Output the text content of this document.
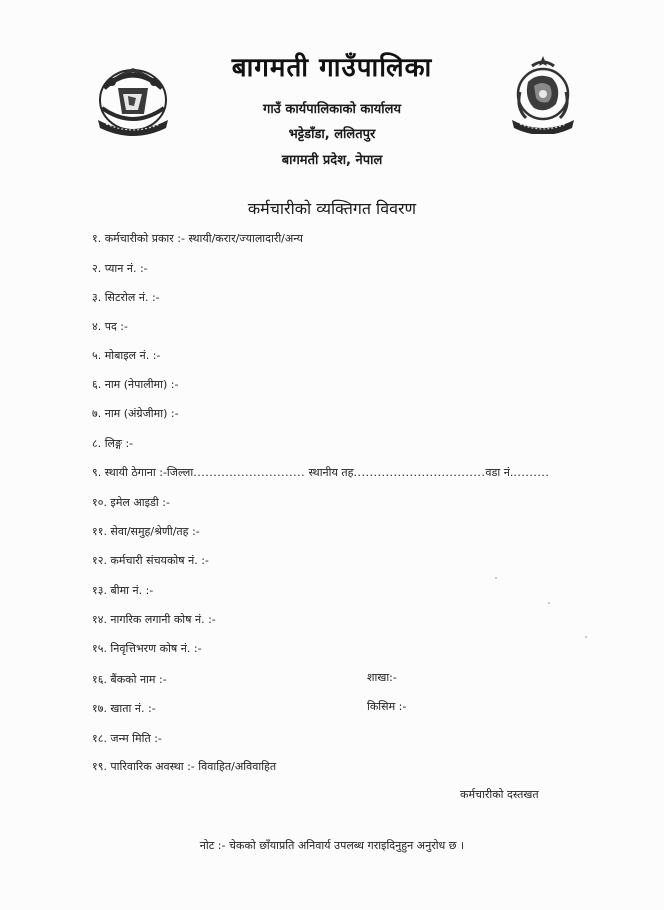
बागमती गाउँपालिका
गाउँ कार्यपालिकाको कार्यालय
भट्टेडाँडा, ललितपुर
बागमती प्रदेश, नेपाल
कर्मचारीको व्यक्तिगत विवरण
१. कर्मचारीको प्रकार :- स्थायी/करार/ज्यालादारी/अन्य
२. प्यान नं. :-
३. सिटरोल नं. :-
४. पद :-
५. मोबाइल नं. :-
६. नाम (नेपालीमा) :-
७. नाम (अंग्रेजीमा) :-
८. लिङ्ग :-
९. स्थायी ठेगाना :-जिल्ला............................ स्थानीय तह.................................वडा नं..........
१०. इमेल आइडी :-
११. सेवा/समुह/श्रेणी/तह :-
१२. कर्मचारी संचयकोष नं. :-
१३. बीमा नं. :-
१४. नागरिक लगानी कोष नं. :-
१५. निवृत्तिभरण कोष नं. :-
१६. बैंकको नाम :-	शाखा:-
१७. खाता नं. :-	किसिम :-
१८. जन्म मिति :-
१९. पारिवारिक अवस्था :- विवाहित/अविवाहित
कर्मचारीको दस्तखत
नोट :- चेकको छाँयाप्रति अनिवार्य उपलब्ध गराइदिनुहुन अनुरोध छ ।
